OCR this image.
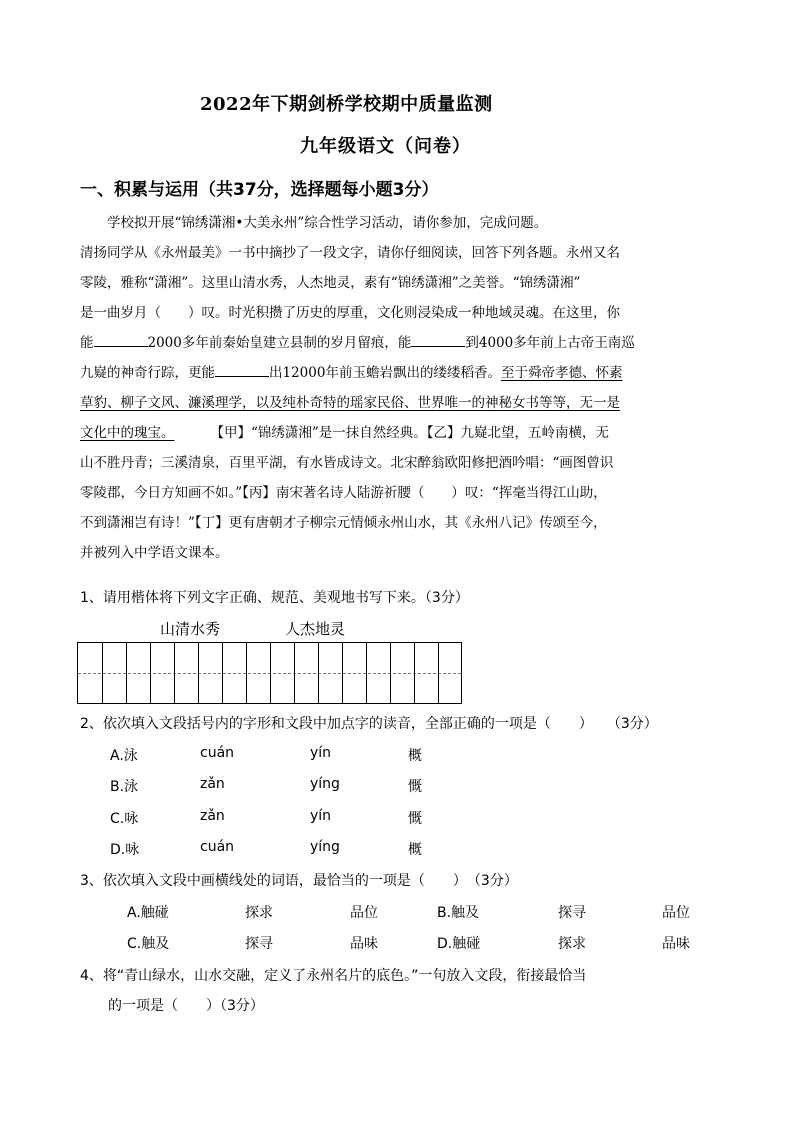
2022年下期剑桥学校期中质量监测
九年级语文（问卷）
一、积累与运用（共37分，选择题每小题3分）

学校拟开展“锦绣潇湘•大美永州”综合性学习活动，请你参加，完成问题。

清扬同学从《永州最美》一书中摘抄了一段文字，请你仔细阅读，回答下列各题。永州又名

零陵，雅称“潇湘”。这里山清水秀，人杰地灵，素有“锦绣潇湘”之美誉。“锦绣潇湘”

是一曲岁月（　　）叹。时光积攒了历史的厚重，文化则浸染成一种地域灵魂。在这里，你

能	2000多年前秦始皇建立县制的岁月留痕，能	到4000多年前上古帝王南巡

九嶷的神奇行踪，更能	出12000年前玉蟾岩飘出的缕缕稻香。至于舜帝孝德、怀素

草豹、柳子文风、濂溪理学，以及纯朴奇特的瑶家民俗、世界唯一的神秘女书等等，无一是

文化中的瑰宝。	【甲】“锦绣潇湘”是一抹自然经典。【乙】九嶷北望，五岭南横，无

山不胜丹青；三溪清泉，百里平湖，有水皆成诗文。北宋醉翁欧阳修把酒吟唱：“画图曾识

零陵郡，今日方知画不如。”【丙】南宋著名诗人陆游祈腰（　　）叹：“挥毫当得江山助，

不到潇湘岂有诗！”【丁】更有唐朝才子柳宗元情倾永州山水，其《永州八记》传颂至今，

并被列入中学语文课本。

1、请用楷体将下列文字正确、规范、美观地书写下来。（3分）
山清水秀	人杰地灵
2、依次填入文段括号内的字形和文段中加点字的读音，全部正确的一项是（　　）　　（3分）
A.泳	cuán	yín	概
B.泳	zǎn	yíng	慨
C.咏	zǎn	yín	慨
D.咏	cuán	yíng	概
3、依次填入文段中画横线处的词语，最恰当的一项是（　　）　（3分）
A.触碰	探求	品位	B.触及	探寻	品位
C.触及	探寻	品味	D.触碰	探求	品味
4、将“青山绿水，山水交融，定义了永州名片的底色。”一句放入文段，衔接最恰当
的一项是（　　）（3分）
